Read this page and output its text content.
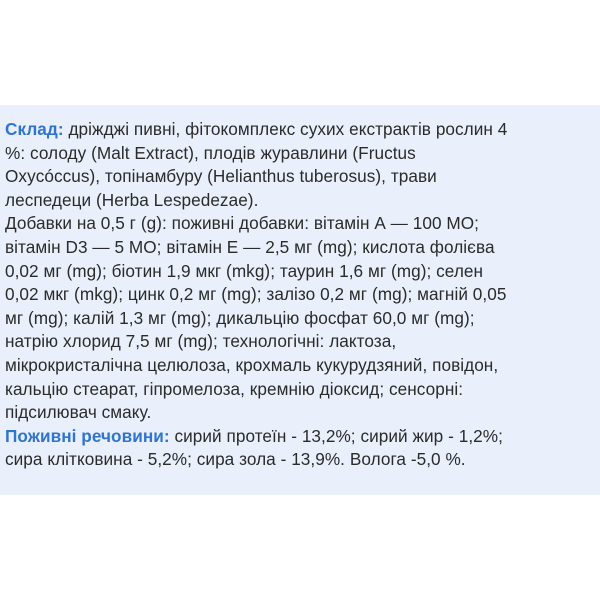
Склад: дріжджі пивні, фітокомплекс сухих екстрактів рослин 4
%: солоду (Malt Extract), плодів журавлини (Fructus
Oxycóccus), топінамбуру (Helianthus tuberosus), трави
леспедеци (Herba Lespedezae).
Добавки на 0,5 г (g): поживні добавки: вітамін А — 100 МО;
вітамін D3 — 5 МО; вітамін Е — 2,5 мг (mg); кислота фолієва
0,02 мг (mg); біотин 1,9 мкг (mkg); таурин 1,6 мг (mg); селен
0,02 мкг (mkg); цинк 0,2 мг (mg); залізо 0,2 мг (mg); магній 0,05
мг (mg); калій 1,3 мг (mg); дикальцію фосфат 60,0 мг (mg);
натрію хлорид 7,5 мг (mg); технологічні: лактоза,
мікрокристалічна целюлоза, крохмаль кукурудзяний, повідон,
кальцію стеарат, гіпромелоза, кремнію діоксид; сенсорні:
підсилювач смаку.
Поживні речовини: сирий протеїн - 13,2%; сирий жир - 1,2%;
сира клітковина - 5,2%; сира зола - 13,9%. Волога -5,0 %.
